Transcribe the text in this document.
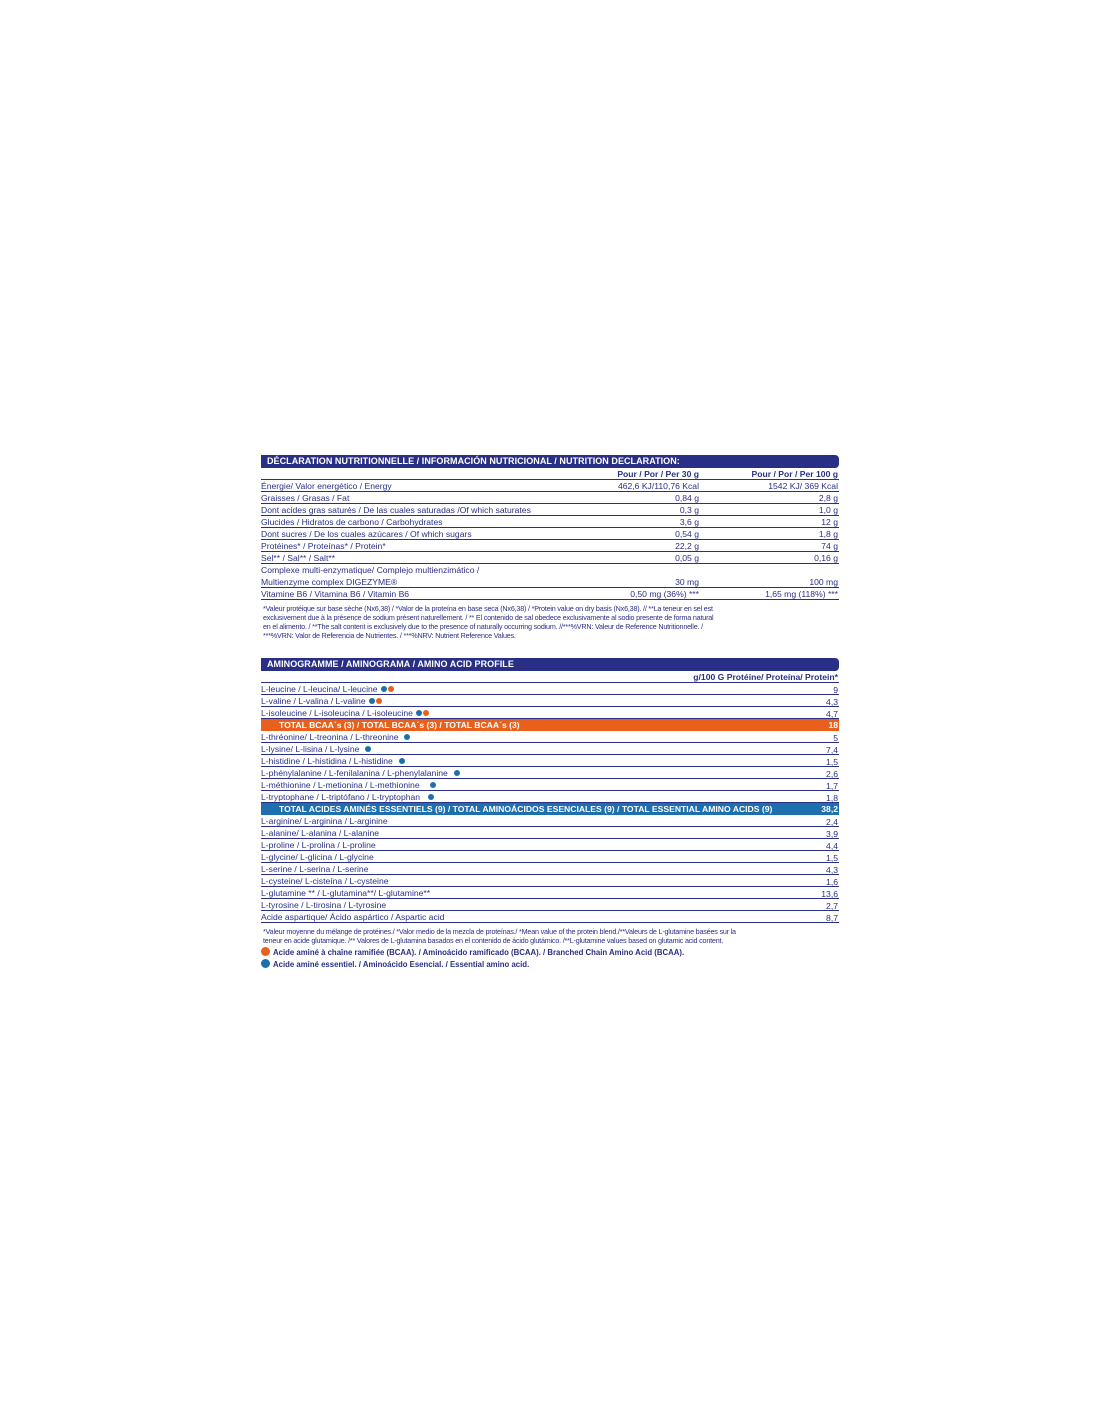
DÉCLARATION NUTRITIONNELLE / INFORMACIÓN NUTRICIONAL / NUTRITION DECLARATION:
Pour / Por / Per 30 g	Pour / Por / Per 100 g
Énergie/ Valor energético / Energy	462,6 KJ/110,76 Kcal	1542 KJ/ 369 Kcal
Graisses / Grasas / Fat	0,84 g	2,8 g
Dont acides gras saturés / De las cuales saturadas /Of which saturates	0,3 g	1,0 g
Glucides / Hidratos de carbono / Carbohydrates	3,6 g	12 g
Dont sucres / De los cuales azúcares / Of which sugars	0,54 g	1,8 g
Protéines* / Proteínas* / Protein*	22,2 g	74 g
Sel** / Sal** / Salt**	0,05 g	0,16 g
Complexe multi-enzymatique/ Complejo multienzimático /
Multienzyme complex DIGEZYME®	30 mg	100 mg
Vitamine B6 / Vitamina B6 / Vitamin B6	0,50 mg (36%) ***	1,65 mg (118%) ***
*Valeur protéique sur base sèche (Nx6,38) / *Valor de la proteína en base seca (Nx6,38) / *Protein value on dry basis (Nx6,38). // **La teneur en sel est
exclusivement due à la présence de sodium présent naturellement. / ** El contenido de sal obedece exclusivamente al sodio presente de forma natural
en el alimento. / **The salt content is exclusively due to the presence of naturally occurring sodium. //***%VRN: Valeur de Reference Nutritionnelle. /
***%VRN: Valor de Referencia de Nutrientes. / ***%NRV: Nutrient Reference Values.
AMINOGRAMME / AMINOGRAMA / AMINO ACID PROFILE
g/100 G Protéine/ Proteína/ Protein*
L-leucine / L-leucina/ L-leucine	9
L-valine / L-valina / L-valine	4,3
L-isoleucine / L-isoleucina / L-isoleucine	4,7
TOTAL BCAA´s (3) / TOTAL BCAA´s (3) / TOTAL BCAA´s (3)	18
L-thréonine/ L-treonina / L-threonine	5
L-lysine/ L-lisina / L-lysine	7,4
L-histidine / L-histidina / L-histidine	1,5
L-phénylalanine / L-fenilalanina / L-phenylalanine	2,6
L-méthionine / L-metionina / L-methionine	1,7
L-tryptophane / L-triptófano / L-tryptophan	1,8
TOTAL ACIDES AMINÉS ESSENTIELS (9) / TOTAL AMINOÁCIDOS ESENCIALES (9) / TOTAL ESSENTIAL AMINO ACIDS (9)	38,2
L-arginine/ L-arginina / L-arginine	2,4
L-alanine/ L-alanina / L-alanine	3,9
L-proline / L-prolina / L-proline	4,4
L-glycine/ L-glicina / L-glycine	1,5
L-serine / L-serina / L-serine	4,3
L-cysteine/ L-cisteína / L-cysteine	1,6
L-glutamine ** / L-glutamina**/ L-glutamine**	13,6
L-tyrosine / L-tirosina / L-tyrosine	2,7
Acide aspartique/ Ácido aspártico / Aspartic acid	8,7
*Valeur moyenne du mélange de protéines./ *Valor medio de la mezcla de proteínas./ *Mean value of the protein blend./**Valeurs de L-glutamine basées sur la
teneur en acide glutamique. /** Valores de L-glutamina basados en el contenido de ácido glutámico. /**L-glutamine values based on glutamic acid content.
Acide aminé à chaîne ramifiée (BCAA). / Aminoácido ramificado (BCAA). / Branched Chain Amino Acid (BCAA).
Acide aminé essentiel. / Aminoácido Esencial. / Essential amino acid.
